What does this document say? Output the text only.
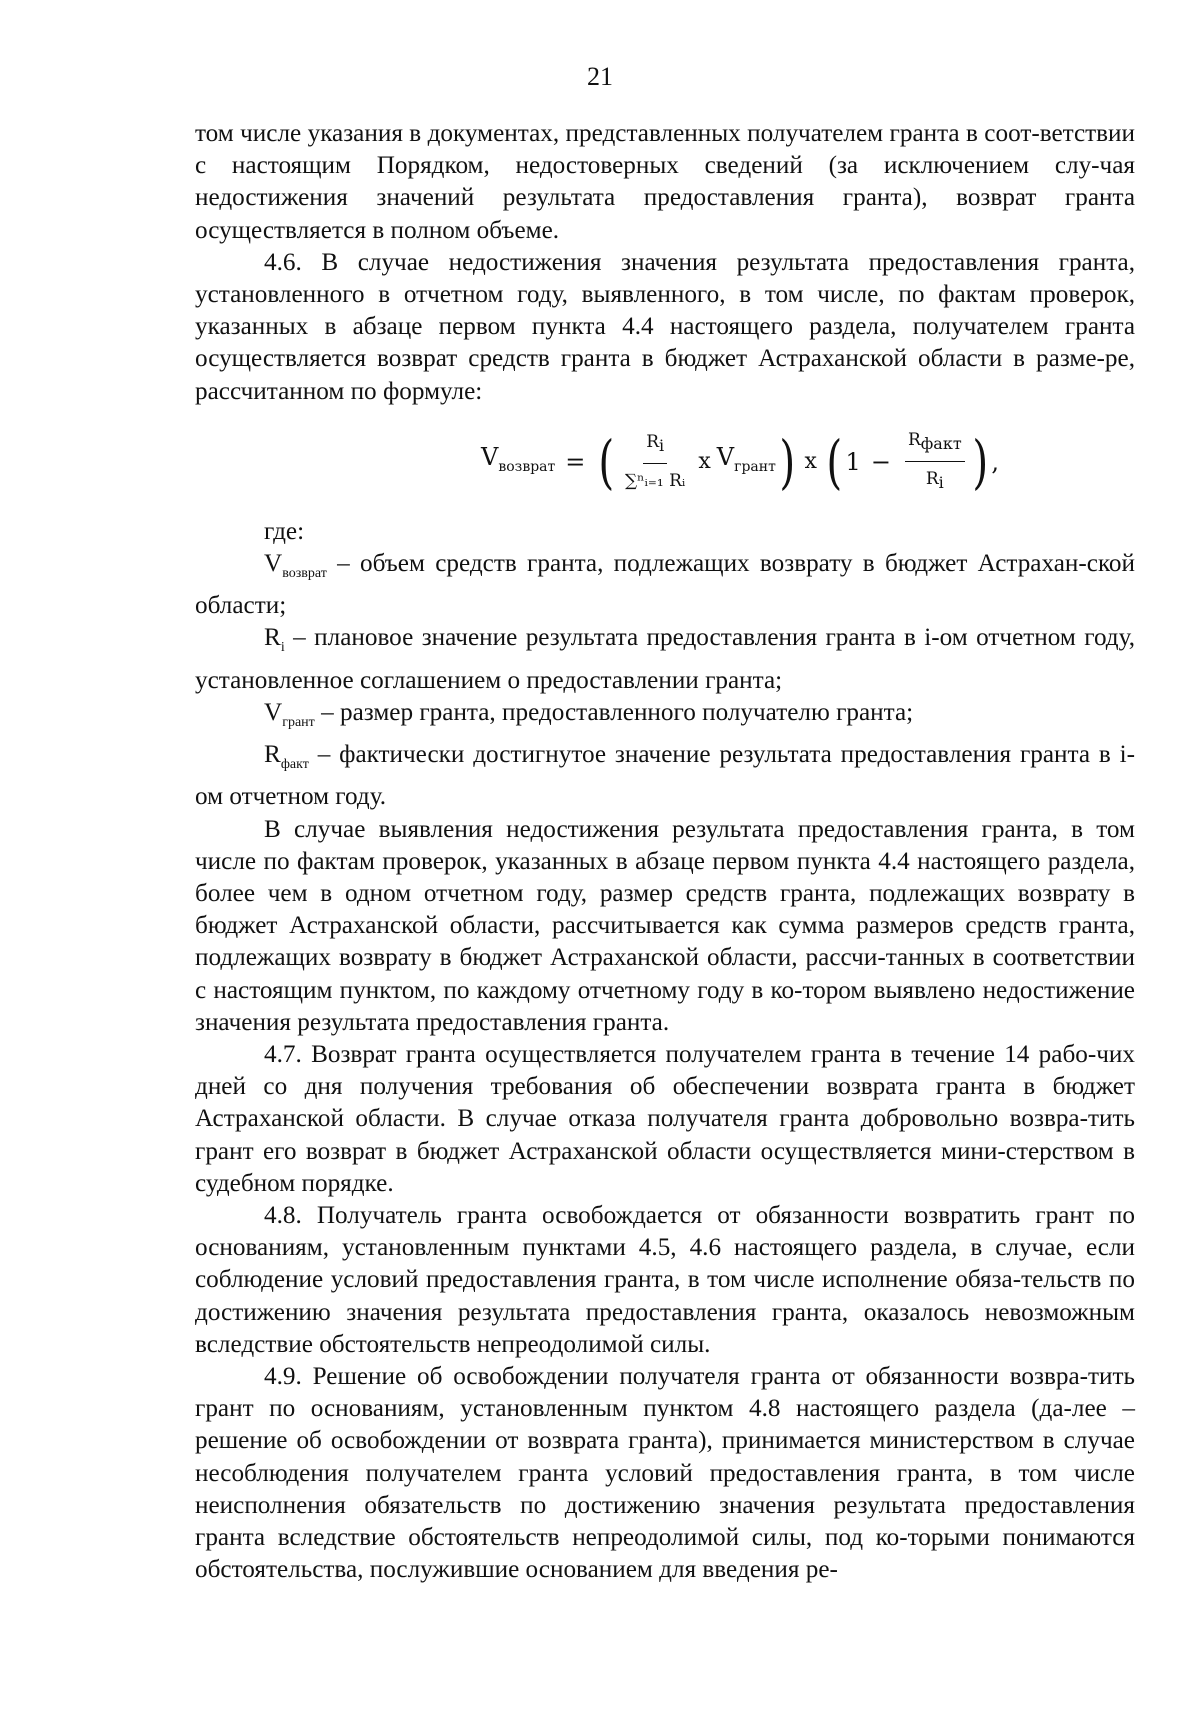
21

том числе указания в документах, представленных получателем гранта в соот-ветствии с настоящим Порядком, недостоверных сведений (за исключением слу-чая недостижения значений результата предоставления гранта), возврат гранта осуществляется в полном объеме.

4.6. В случае недостижения значения результата предоставления гранта, установленного в отчетном году, выявленного, в том числе, по фактам проверок, указанных в абзаце первом пункта 4.4 настоящего раздела, получателем гранта осуществляется возврат средств гранта в бюджет Астраханской области в разме-ре, рассчитанном по формуле:

$V_{возврат}$ = ( $\frac{Ri}{\text{∑ⁿᵢ₌₁ Rᵢ}}$ x $V_{грант}$ ) x ( $1 - \frac{\text{Rфакт}}{Ri}$ ) ,

где:

$V_{возврат}$ – объем средств гранта, подлежащих возврату в бюджет Астрахан-ской области;

$R_i$ – плановое значение результата предоставления гранта в i-ом отчетном году, установленное соглашением о предоставлении гранта;

$V_{грант}$ – размер гранта, предоставленного получателю гранта;

$R_{факт}$ – фактически достигнутое значение результата предоставления гранта в i-ом отчетном году.

В случае выявления недостижения результата предоставления гранта, в том числе по фактам проверок, указанных в абзаце первом пункта 4.4 настоящего раздела, более чем в одном отчетном году, размер средств гранта, подлежащих возврату в бюджет Астраханской области, рассчитывается как сумма размеров средств гранта, подлежащих возврату в бюджет Астраханской области, рассчи-танных в соответствии с настоящим пунктом, по каждому отчетному году в ко-тором выявлено недостижение значения результата предоставления гранта.

4.7. Возврат гранта осуществляется получателем гранта в течение 14 рабо-чих дней со дня получения требования об обеспечении возврата гранта в бюджет Астраханской области. В случае отказа получателя гранта добровольно возвра-тить грант его возврат в бюджет Астраханской области осуществляется мини-стерством в судебном порядке.

4.8. Получатель гранта освобождается от обязанности возвратить грант по основаниям, установленным пунктами 4.5, 4.6 настоящего раздела, в случае, если соблюдение условий предоставления гранта, в том числе исполнение обяза-тельств по достижению значения результата предоставления гранта, оказалось невозможным вследствие обстоятельств непреодолимой силы.

4.9. Решение об освобождении получателя гранта от обязанности возвра-тить грант по основаниям, установленным пунктом 4.8 настоящего раздела (да-лее – решение об освобождении от возврата гранта), принимается министерством в случае несоблюдения получателем гранта условий предоставления гранта, в том числе неисполнения обязательств по достижению значения результата предоставления гранта вследствие обстоятельств непреодолимой силы, под ко-торыми понимаются обстоятельства, послужившие основанием для введения ре-
